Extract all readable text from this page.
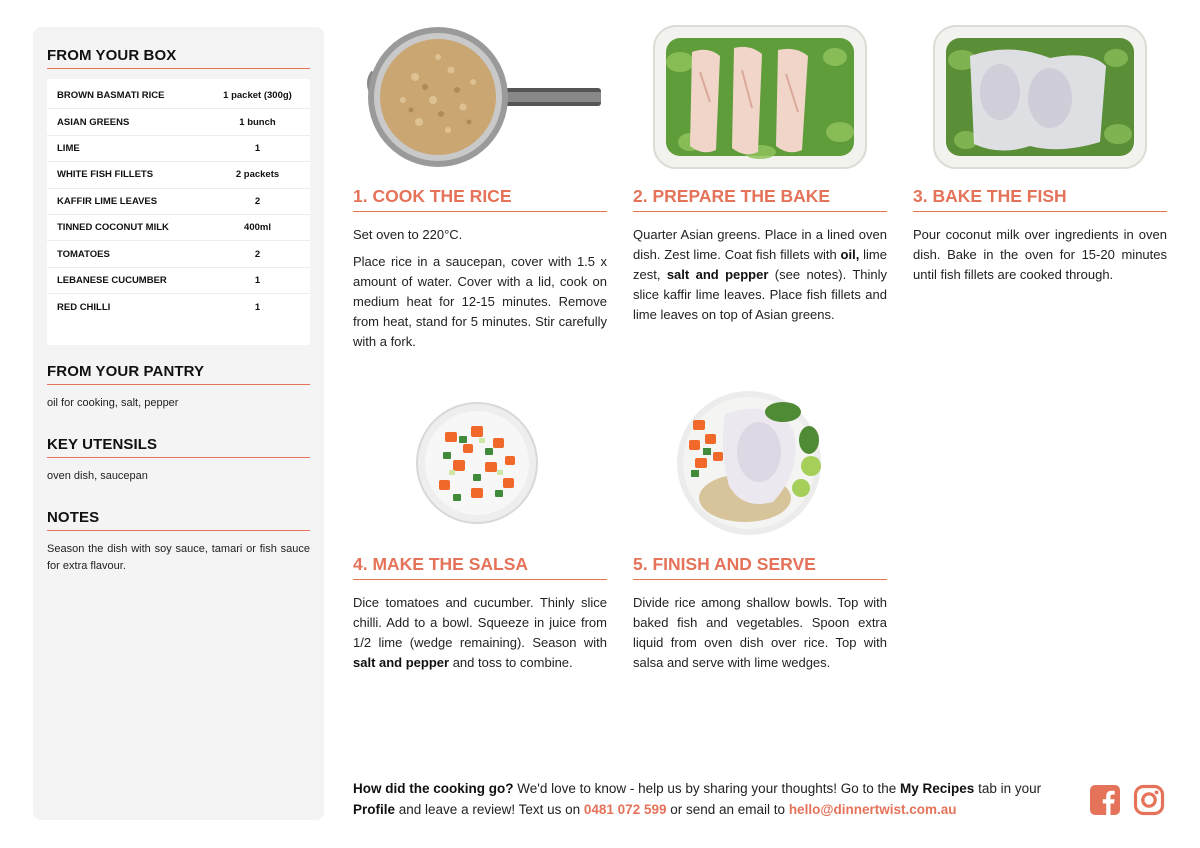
FROM YOUR BOX
BROWN BASMATI RICE	1 packet (300g)
ASIAN GREENS	1 bunch
LIME	1
WHITE FISH FILLETS	2 packets
KAFFIR LIME LEAVES	2
TINNED COCONUT MILK	400ml
TOMATOES	2
LEBANESE CUCUMBER	1
RED CHILLI	1
FROM YOUR PANTRY
oil for cooking, salt, pepper
KEY UTENSILS
oven dish, saucepan
NOTES
Season the dish with soy sauce, tamari or fish sauce for extra flavour.
1. COOK THE RICE

Set oven to 220°C.

Place rice in a saucepan, cover with 1.5 x amount of water. Cover with a lid, cook on medium heat for 12-15 minutes. Remove from heat, stand for 5 minutes. Stir carefully with a fork.

2. PREPARE THE BAKE

Quarter Asian greens. Place in a lined oven dish. Zest lime. Coat fish fillets with oil, lime zest, salt and pepper (see notes). Thinly slice kaffir lime leaves. Place fish fillets and lime leaves on top of Asian greens.

3. BAKE THE FISH

Pour coconut milk over ingredients in oven dish. Bake in the oven for 15-20 minutes until fish fillets are cooked through.

4. MAKE THE SALSA

Dice tomatoes and cucumber. Thinly slice chilli. Add to a bowl. Squeeze in juice from 1/2 lime (wedge remaining). Season with salt and pepper and toss to combine.

5. FINISH AND SERVE

Divide rice among shallow bowls. Top with baked fish and vegetables. Spoon extra liquid from oven dish over rice. Top with salsa and serve with lime wedges.

How did the cooking go? We'd love to know - help us by sharing your thoughts! Go to the My Recipes tab in your Profile and leave a review! Text us on 0481 072 599 or send an email to hello@dinnertwist.com.au
